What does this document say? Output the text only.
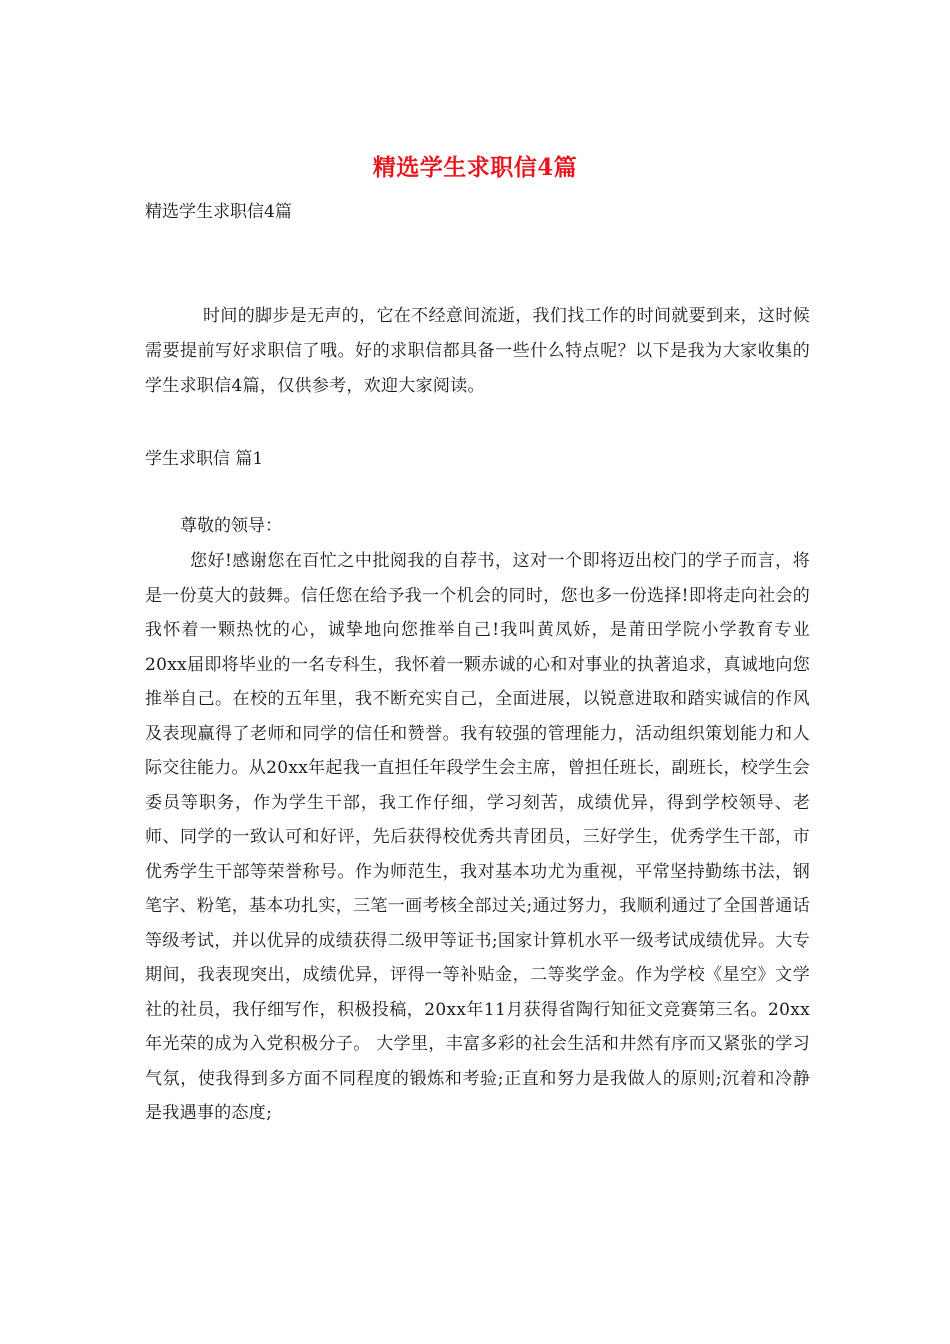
精选学生求职信4篇
精选学生求职信4篇
时间的脚步是无声的，它在不经意间流逝，我们找工作的时间就要到来，这时候需要提前写好求职信了哦。好的求职信都具备一些什么特点呢？以下是我为大家收集的学生求职信4篇，仅供参考，欢迎大家阅读。
学生求职信 篇1
尊敬的领导：
您好!感谢您在百忙之中批阅我的自荐书，这对一个即将迈出校门的学子而言，将是一份莫大的鼓舞。信任您在给予我一个机会的同时，您也多一份选择!即将走向社会的我怀着一颗热忱的心，诚挚地向您推举自己!我叫黄凤娇，是莆田学院小学教育专业20xx届即将毕业的一名专科生，我怀着一颗赤诚的心和对事业的执著追求，真诚地向您推举自己。在校的五年里，我不断充实自己，全面进展，以锐意进取和踏实诚信的作风及表现赢得了老师和同学的信任和赞誉。我有较强的管理能力，活动组织策划能力和人际交往能力。从20xx年起我一直担任年段学生会主席，曾担任班长，副班长，校学生会委员等职务，作为学生干部，我工作仔细，学习刻苦，成绩优异，得到学校领导、老师、同学的一致认可和好评，先后获得校优秀共青团员，三好学生，优秀学生干部，市优秀学生干部等荣誉称号。作为师范生，我对基本功尤为重视，平常坚持勤练书法，钢笔字、粉笔，基本功扎实，三笔一画考核全部过关;通过努力，我顺利通过了全国普通话等级考试，并以优异的成绩获得二级甲等证书;国家计算机水平一级考试成绩优异。大专期间，我表现突出，成绩优异，评得一等补贴金，二等奖学金。作为学校《星空》文学社的社员，我仔细写作，积极投稿，20xx年11月获得省陶行知征文竞赛第三名。20xx年光荣的成为入党积极分子。 大学里，丰富多彩的社会生活和井然有序而又紧张的学习气氛，使我得到多方面不同程度的锻炼和考验;正直和努力是我做人的原则;沉着和冷静是我遇事的态度;
